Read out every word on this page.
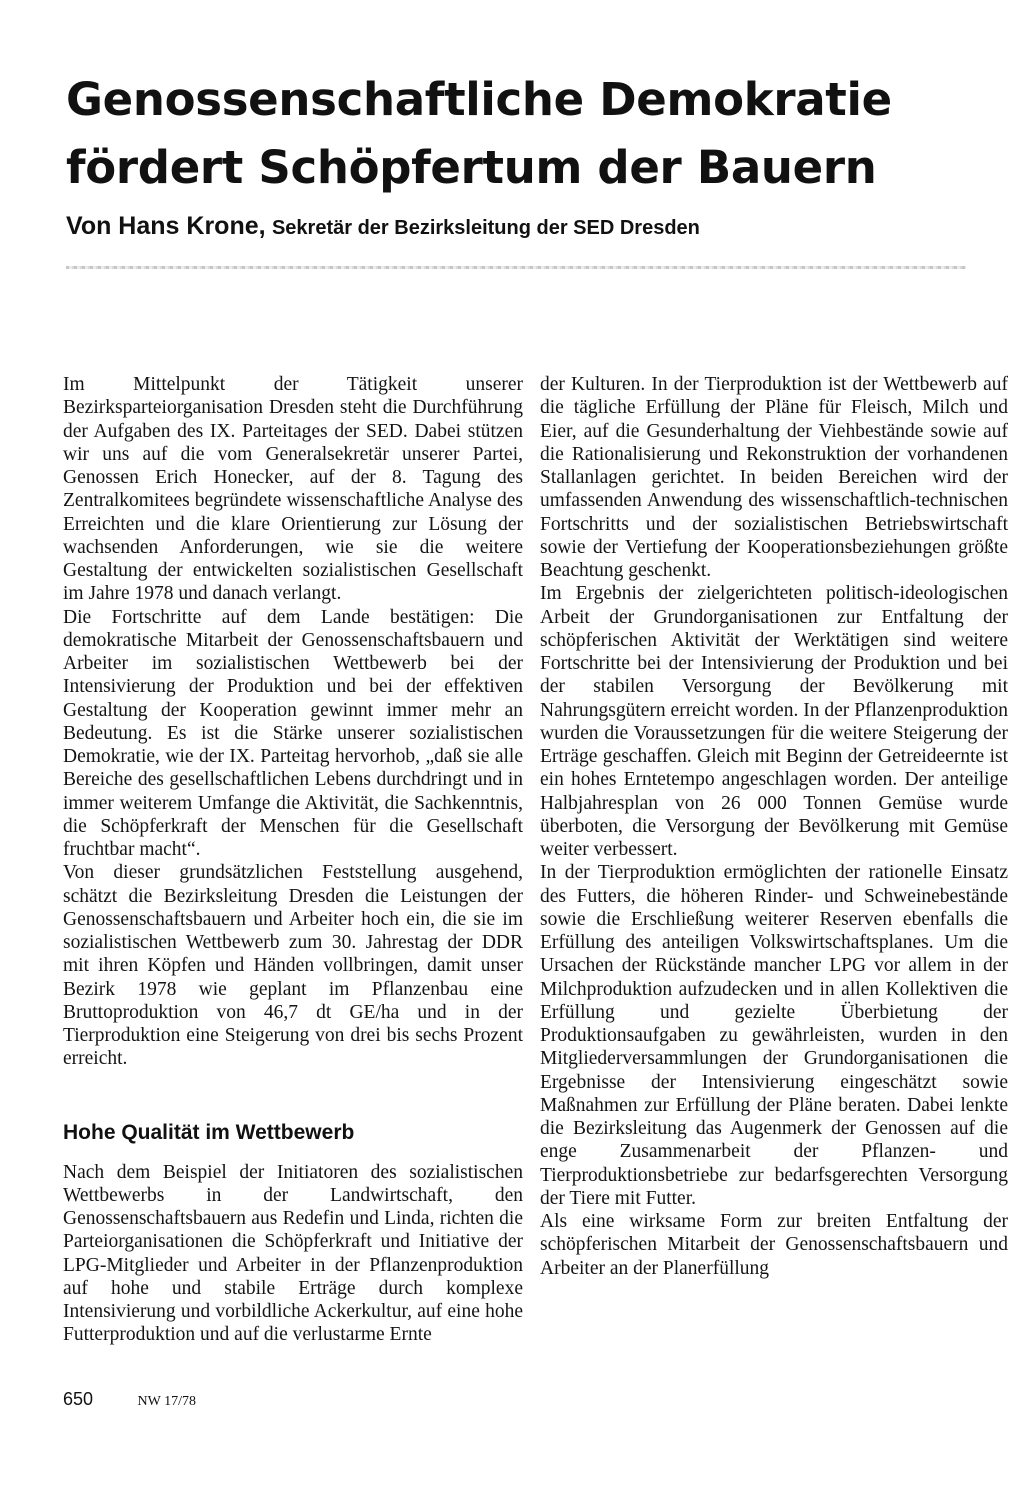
Genossenschaftliche Demokratie
fördert Schöpfertum der Bauern
Von Hans Krone, Sekretär der Bezirksleitung der SED Dresden

Im Mittelpunkt der Tätigkeit unserer Bezirksparteiorganisation Dresden steht die Durchführung der Aufgaben des IX. Parteitages der SED. Dabei stützen wir uns auf die vom Generalsekretär unserer Partei, Genossen Erich Honecker, auf der 8. Tagung des Zentralkomitees begründete wissenschaftliche Analyse des Erreichten und die klare Orientierung zur Lösung der wachsenden Anforderungen, wie sie die weitere Gestaltung der entwickelten sozialistischen Gesellschaft im Jahre 1978 und danach verlangt.

Die Fortschritte auf dem Lande bestätigen: Die demokratische Mitarbeit der Genossenschaftsbauern und Arbeiter im sozialistischen Wettbewerb bei der Intensivierung der Produktion und bei der effektiven Gestaltung der Kooperation gewinnt immer mehr an Bedeutung. Es ist die Stärke unserer sozialistischen Demokratie, wie der IX. Parteitag hervorhob, „daß sie alle Bereiche des gesellschaftlichen Lebens durchdringt und in immer weiterem Umfange die Aktivität, die Sachkenntnis, die Schöpferkraft der Menschen für die Gesellschaft fruchtbar macht“.

Von dieser grundsätzlichen Feststellung ausgehend, schätzt die Bezirksleitung Dresden die Leistungen der Genossenschaftsbauern und Arbeiter hoch ein, die sie im sozialistischen Wettbewerb zum 30. Jahrestag der DDR mit ihren Köpfen und Händen vollbringen, damit unser Bezirk 1978 wie geplant im Pflanzenbau eine Bruttoproduktion von 46,7 dt GE/ha und in der Tierproduktion eine Steigerung von drei bis sechs Prozent erreicht.

Hohe Qualität im Wettbewerb

Nach dem Beispiel der Initiatoren des sozialistischen Wettbewerbs in der Landwirtschaft, den Genossenschaftsbauern aus Redefin und Linda, richten die Parteiorganisationen die Schöpferkraft und Initiative der LPG-Mitglieder und Arbeiter in der Pflanzenproduktion auf hohe und stabile Erträge durch komplexe Intensivierung und vorbildliche Ackerkultur, auf eine hohe Futterproduktion und auf die verlustarme Ernte

der Kulturen. In der Tierproduktion ist der Wettbewerb auf die tägliche Erfüllung der Pläne für Fleisch, Milch und Eier, auf die Gesunderhaltung der Viehbestände sowie auf die Rationalisierung und Rekonstruktion der vorhandenen Stallanlagen gerichtet. In beiden Bereichen wird der umfassenden Anwendung des wissenschaftlich-technischen Fortschritts und der sozialistischen Betriebswirtschaft sowie der Vertiefung der Kooperationsbeziehungen größte Beachtung geschenkt.

Im Ergebnis der zielgerichteten politisch-ideologischen Arbeit der Grundorganisationen zur Entfaltung der schöpferischen Aktivität der Werktätigen sind weitere Fortschritte bei der Intensivierung der Produktion und bei der stabilen Versorgung der Bevölkerung mit Nahrungsgütern erreicht worden. In der Pflanzenproduktion wurden die Voraussetzungen für die weitere Steigerung der Erträge geschaffen. Gleich mit Beginn der Getreideernte ist ein hohes Erntetempo angeschlagen worden. Der anteilige Halbjahresplan von 26 000 Tonnen Gemüse wurde überboten, die Versorgung der Bevölkerung mit Gemüse weiter verbessert.

In der Tierproduktion ermöglichten der rationelle Einsatz des Futters, die höheren Rinder- und Schweinebestände sowie die Erschließung weiterer Reserven ebenfalls die Erfüllung des anteiligen Volkswirtschaftsplanes. Um die Ursachen der Rückstände mancher LPG vor allem in der Milchproduktion aufzudecken und in allen Kollektiven die Erfüllung und gezielte Überbietung der Produktionsaufgaben zu gewährleisten, wurden in den Mitgliederversammlungen der Grundorganisationen die Ergebnisse der Intensivierung eingeschätzt sowie Maßnahmen zur Erfüllung der Pläne beraten. Dabei lenkte die Bezirksleitung das Augenmerk der Genossen auf die enge Zusammenarbeit der Pflanzen- und Tierproduktionsbetriebe zur bedarfsgerechten Versorgung der Tiere mit Futter.

Als eine wirksame Form zur breiten Entfaltung der schöpferischen Mitarbeit der Genossenschaftsbauern und Arbeiter an der Planerfüllung

650	NW 17/78
